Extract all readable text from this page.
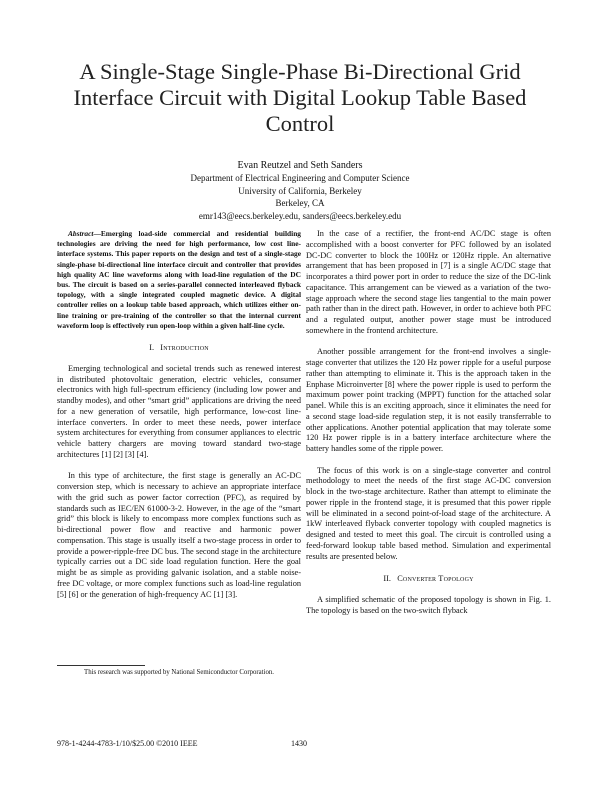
A Single-Stage Single-Phase Bi-Directional Grid Interface Circuit with Digital Lookup Table Based Control
Evan Reutzel and Seth Sanders
Department of Electrical Engineering and Computer Science
University of California, Berkeley
Berkeley, CA
emr143@eecs.berkeley.edu, sanders@eecs.berkeley.edu

Abstract—Emerging load-side commercial and residential building technologies are driving the need for high performance, low cost line-interface systems. This paper reports on the design and test of a single-stage single-phase bi-directional line interface circuit and controller that provides high quality AC line waveforms along with load-line regulation of the DC bus. The circuit is based on a series-parallel connected interleaved flyback topology, with a single integrated coupled magnetic device. A digital controller relies on a lookup table based approach, which utilizes either on-line training or pre-training of the controller so that the internal current waveform loop is effectively run open-loop within a given half-line cycle.

I. Introduction

Emerging technological and societal trends such as renewed interest in distributed photovoltaic generation, electric vehicles, consumer electronics with high full-spectrum efficiency (including low power and standby modes), and other “smart grid” applications are driving the need for a new generation of versatile, high performance, low-cost line-interface converters. In order to meet these needs, power interface system architectures for everything from consumer appliances to electric vehicle battery chargers are moving toward standard two-stage architectures [1] [2] [3] [4].

In this type of architecture, the first stage is generally an AC-DC conversion step, which is necessary to achieve an appropriate interface with the grid such as power factor correction (PFC), as required by standards such as IEC/EN 61000-3-2. However, in the age of the “smart grid” this block is likely to encompass more complex functions such as bi-directional power flow and reactive and harmonic power compensation. This stage is usually itself a two-stage process in order to provide a power-ripple-free DC bus. The second stage in the architecture typically carries out a DC side load regulation function. Here the goal might be as simple as providing galvanic isolation, and a stable noise-free DC voltage, or more complex functions such as load-line regulation [5] [6] or the generation of high-frequency AC [1] [3].

In the case of a rectifier, the front-end AC/DC stage is often accomplished with a boost converter for PFC followed by an isolated DC-DC converter to block the 100Hz or 120Hz ripple. An alternative arrangement that has been proposed in [7] is a single AC/DC stage that incorporates a third power port in order to reduce the size of the DC-link capacitance. This arrangement can be viewed as a variation of the two-stage approach where the second stage lies tangential to the main power path rather than in the direct path. However, in order to achieve both PFC and a regulated output, another power stage must be introduced somewhere in the frontend architecture.

Another possible arrangement for the front-end involves a single-stage converter that utilizes the 120 Hz power ripple for a useful purpose rather than attempting to eliminate it. This is the approach taken in the Enphase Microinverter [8] where the power ripple is used to perform the maximum power point tracking (MPPT) function for the attached solar panel. While this is an exciting approach, since it eliminates the need for a second stage load-side regulation step, it is not easily transferrable to other applications. Another potential application that may tolerate some 120 Hz power ripple is in a battery interface architecture where the battery handles some of the ripple power.

The focus of this work is on a single-stage converter and control methodology to meet the needs of the first stage AC-DC conversion block in the two-stage architecture. Rather than attempt to eliminate the power ripple in the frontend stage, it is presumed that this power ripple will be eliminated in a second point-of-load stage of the architecture. A 1kW interleaved flyback converter topology with coupled magnetics is designed and tested to meet this goal. The circuit is controlled using a feed-forward lookup table based method. Simulation and experimental results are presented below.

II. Converter Topology

A simplified schematic of the proposed topology is shown in Fig. 1. The topology is based on the two-switch flyback

This research was supported by National Semiconductor Corporation.
978-1-4244-4783-1/10/$25.00 ©2010 IEEE	1430
